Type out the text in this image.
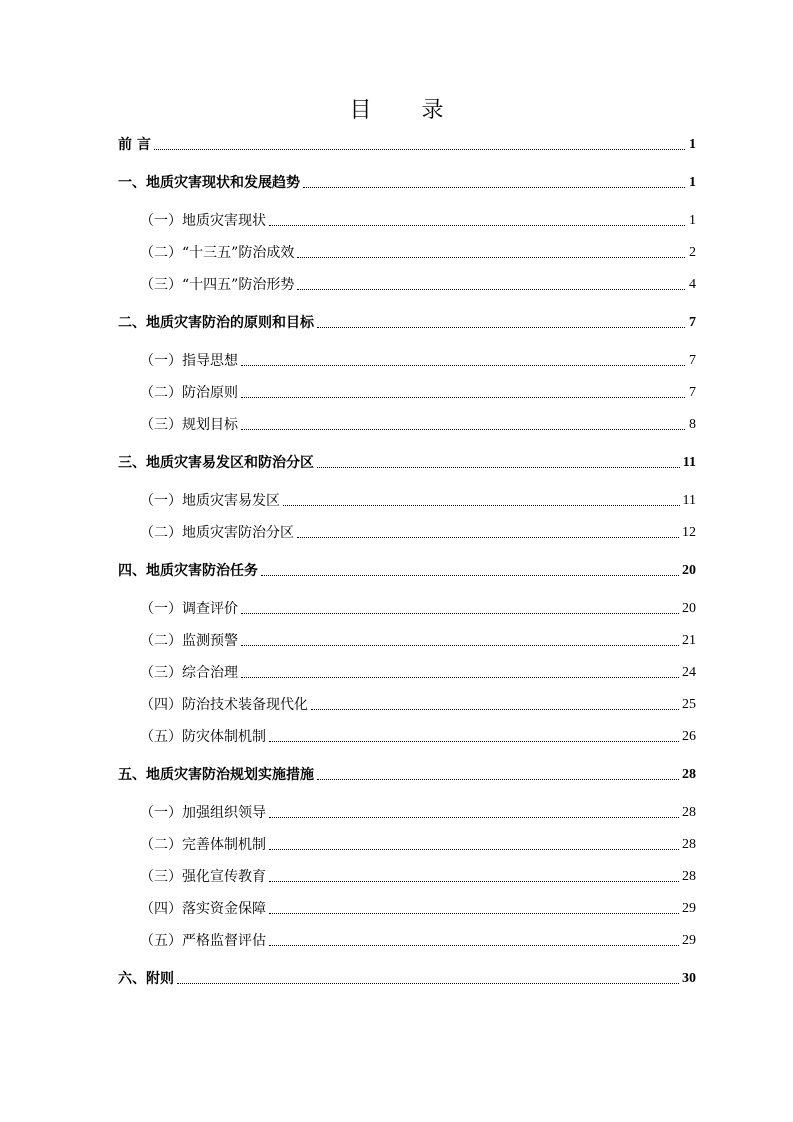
目 录
前 言	1
一、地质灾害现状和发展趋势	1
（一）地质灾害现状	1
（二）“十三五”防治成效	2
（三）“十四五”防治形势	4
二、地质灾害防治的原则和目标	7
（一）指导思想	7
（二）防治原则	7
（三）规划目标	8
三、地质灾害易发区和防治分区	11
（一）地质灾害易发区	11
（二）地质灾害防治分区	12
四、地质灾害防治任务	20
（一）调查评价	20
（二）监测预警	21
（三）综合治理	24
（四）防治技术装备现代化	25
（五）防灾体制机制	26
五、地质灾害防治规划实施措施	28
（一）加强组织领导	28
（二）完善体制机制	28
（三）强化宣传教育	28
（四）落实资金保障	29
（五）严格监督评估	29
六、附则	30
